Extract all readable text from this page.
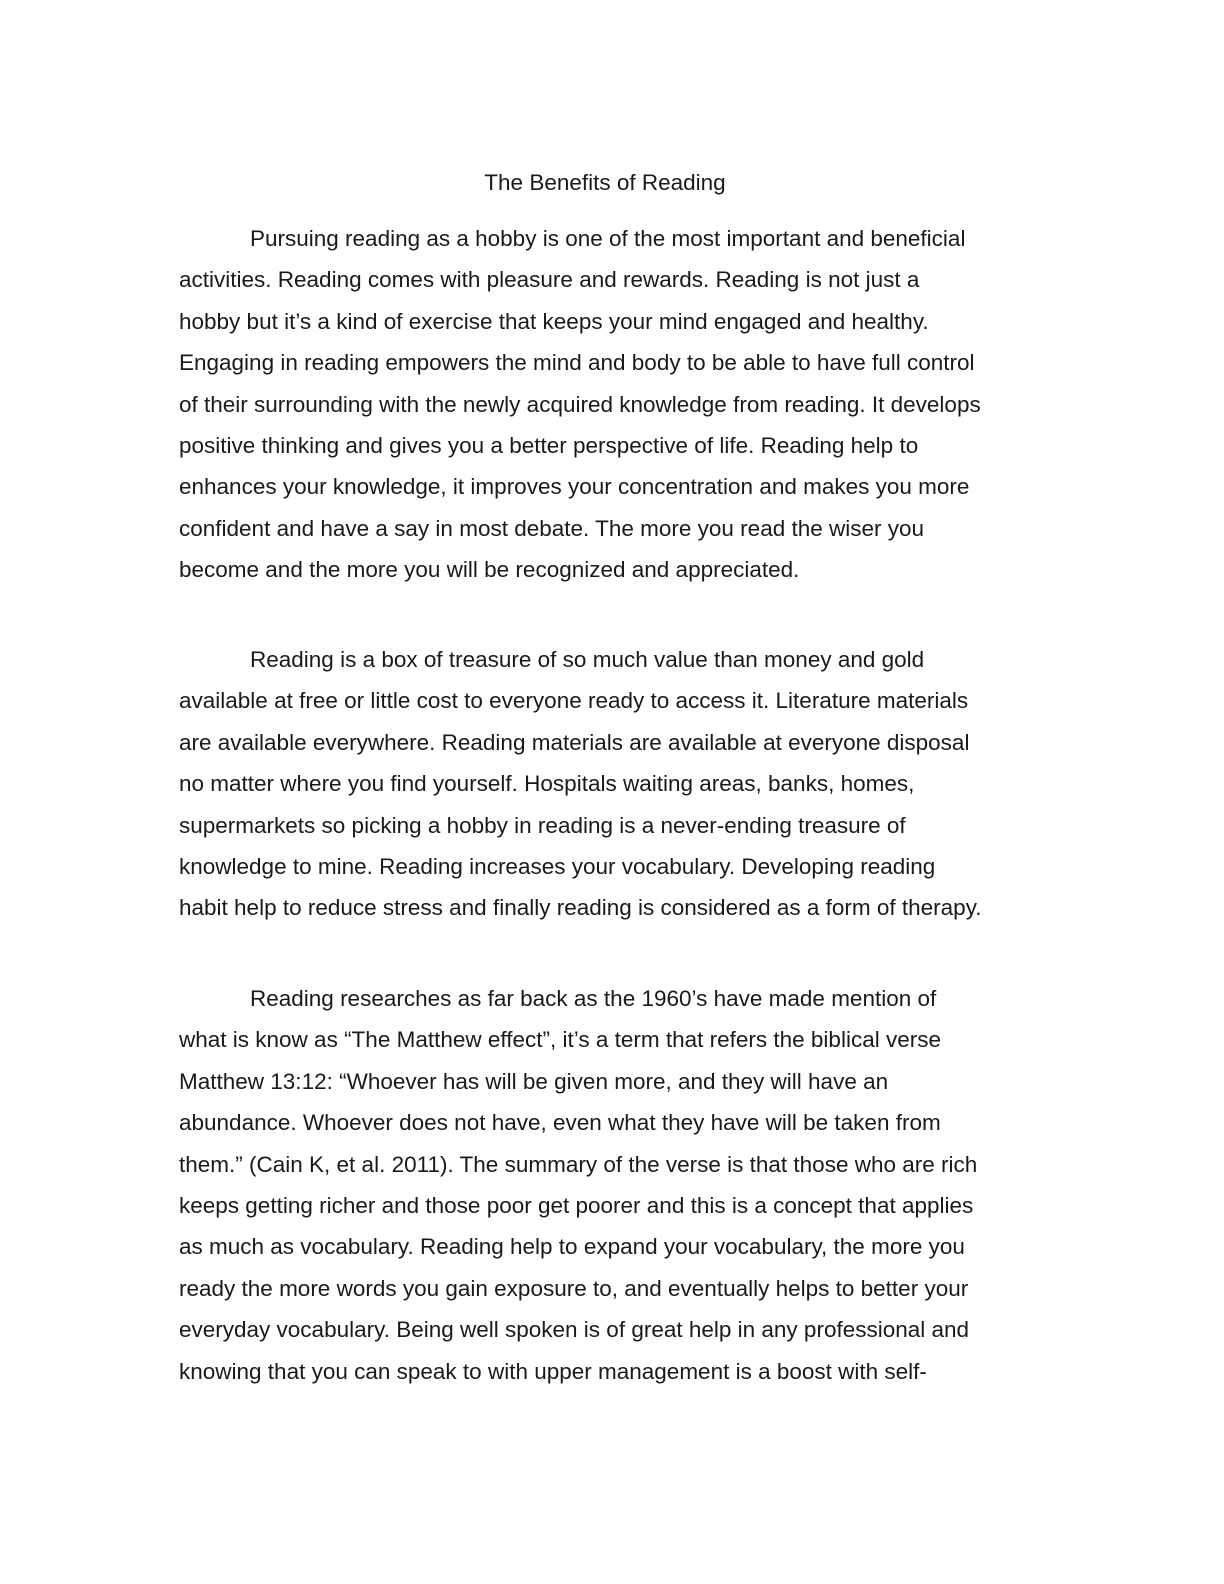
The Benefits of Reading
Pursuing reading as a hobby is one of the most important and beneficial
activities. Reading comes with pleasure and rewards. Reading is not just a
hobby but it’s a kind of exercise that keeps your mind engaged and healthy.
Engaging in reading empowers the mind and body to be able to have full control
of their surrounding with the newly acquired knowledge from reading. It develops
positive thinking and gives you a better perspective of life. Reading help to
enhances your knowledge, it improves your concentration and makes you more
confident and have a say in most debate. The more you read the wiser you
become and the more you will be recognized and appreciated.
Reading is a box of treasure of so much value than money and gold
available at free or little cost to everyone ready to access it. Literature materials
are available everywhere. Reading materials are available at everyone disposal
no matter where you find yourself. Hospitals waiting areas, banks, homes,
supermarkets so picking a hobby in reading is a never-ending treasure of
knowledge to mine. Reading increases your vocabulary. Developing reading
habit help to reduce stress and finally reading is considered as a form of therapy.
Reading researches as far back as the 1960’s have made mention of
what is know as “The Matthew effect”, it’s a term that refers the biblical verse
Matthew 13:12: “Whoever has will be given more, and they will have an
abundance. Whoever does not have, even what they have will be taken from
them.” (Cain K, et al. 2011). The summary of the verse is that those who are rich
keeps getting richer and those poor get poorer and this is a concept that applies
as much as vocabulary. Reading help to expand your vocabulary, the more you
ready the more words you gain exposure to, and eventually helps to better your
everyday vocabulary. Being well spoken is of great help in any professional and
knowing that you can speak to with upper management is a boost with self-
